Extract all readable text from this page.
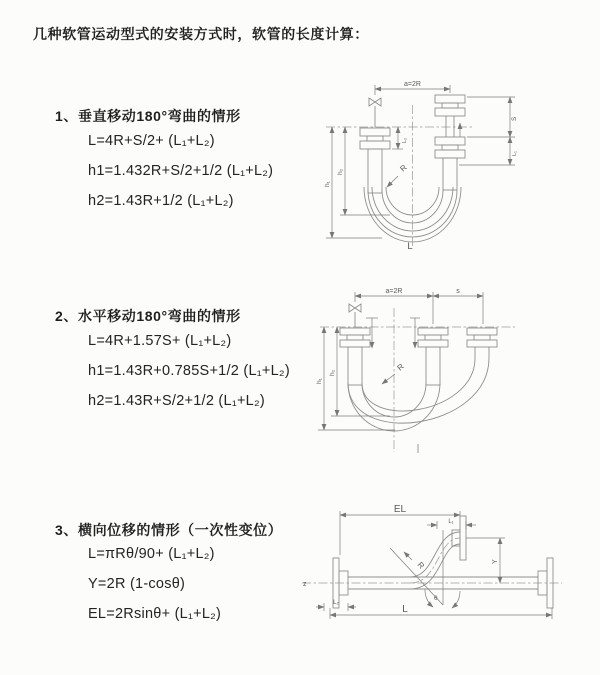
几种软管运动型式的安装方式时，软管的长度计算：
1、垂直移动180°弯曲的情形
L=4R+S/2+ (L₁+L₂)
h1=1.432R+S/2+1/2 (L₁+L₂)
h2=1.43R+1/2 (L₁+L₂)
2、水平移动180°弯曲的情形
L=4R+1.57S+ (L₁+L₂)
h1=1.43R+0.785S+1/2 (L₁+L₂)
h2=1.43R+S/2+1/2 (L₁+L₂)
3、横向位移的情形（一次性变位）
L=πRθ/90+ (L₁+L₂)
Y=2R (1-cosθ)
EL=2Rsinθ+ (L₁+L₂)
a=2R
h₁
h₂
L₂
S
L₁
R
L
a=2R	s
h₁
h₂
R
z
EL
L₁
Y
θ
R
L₂
L
